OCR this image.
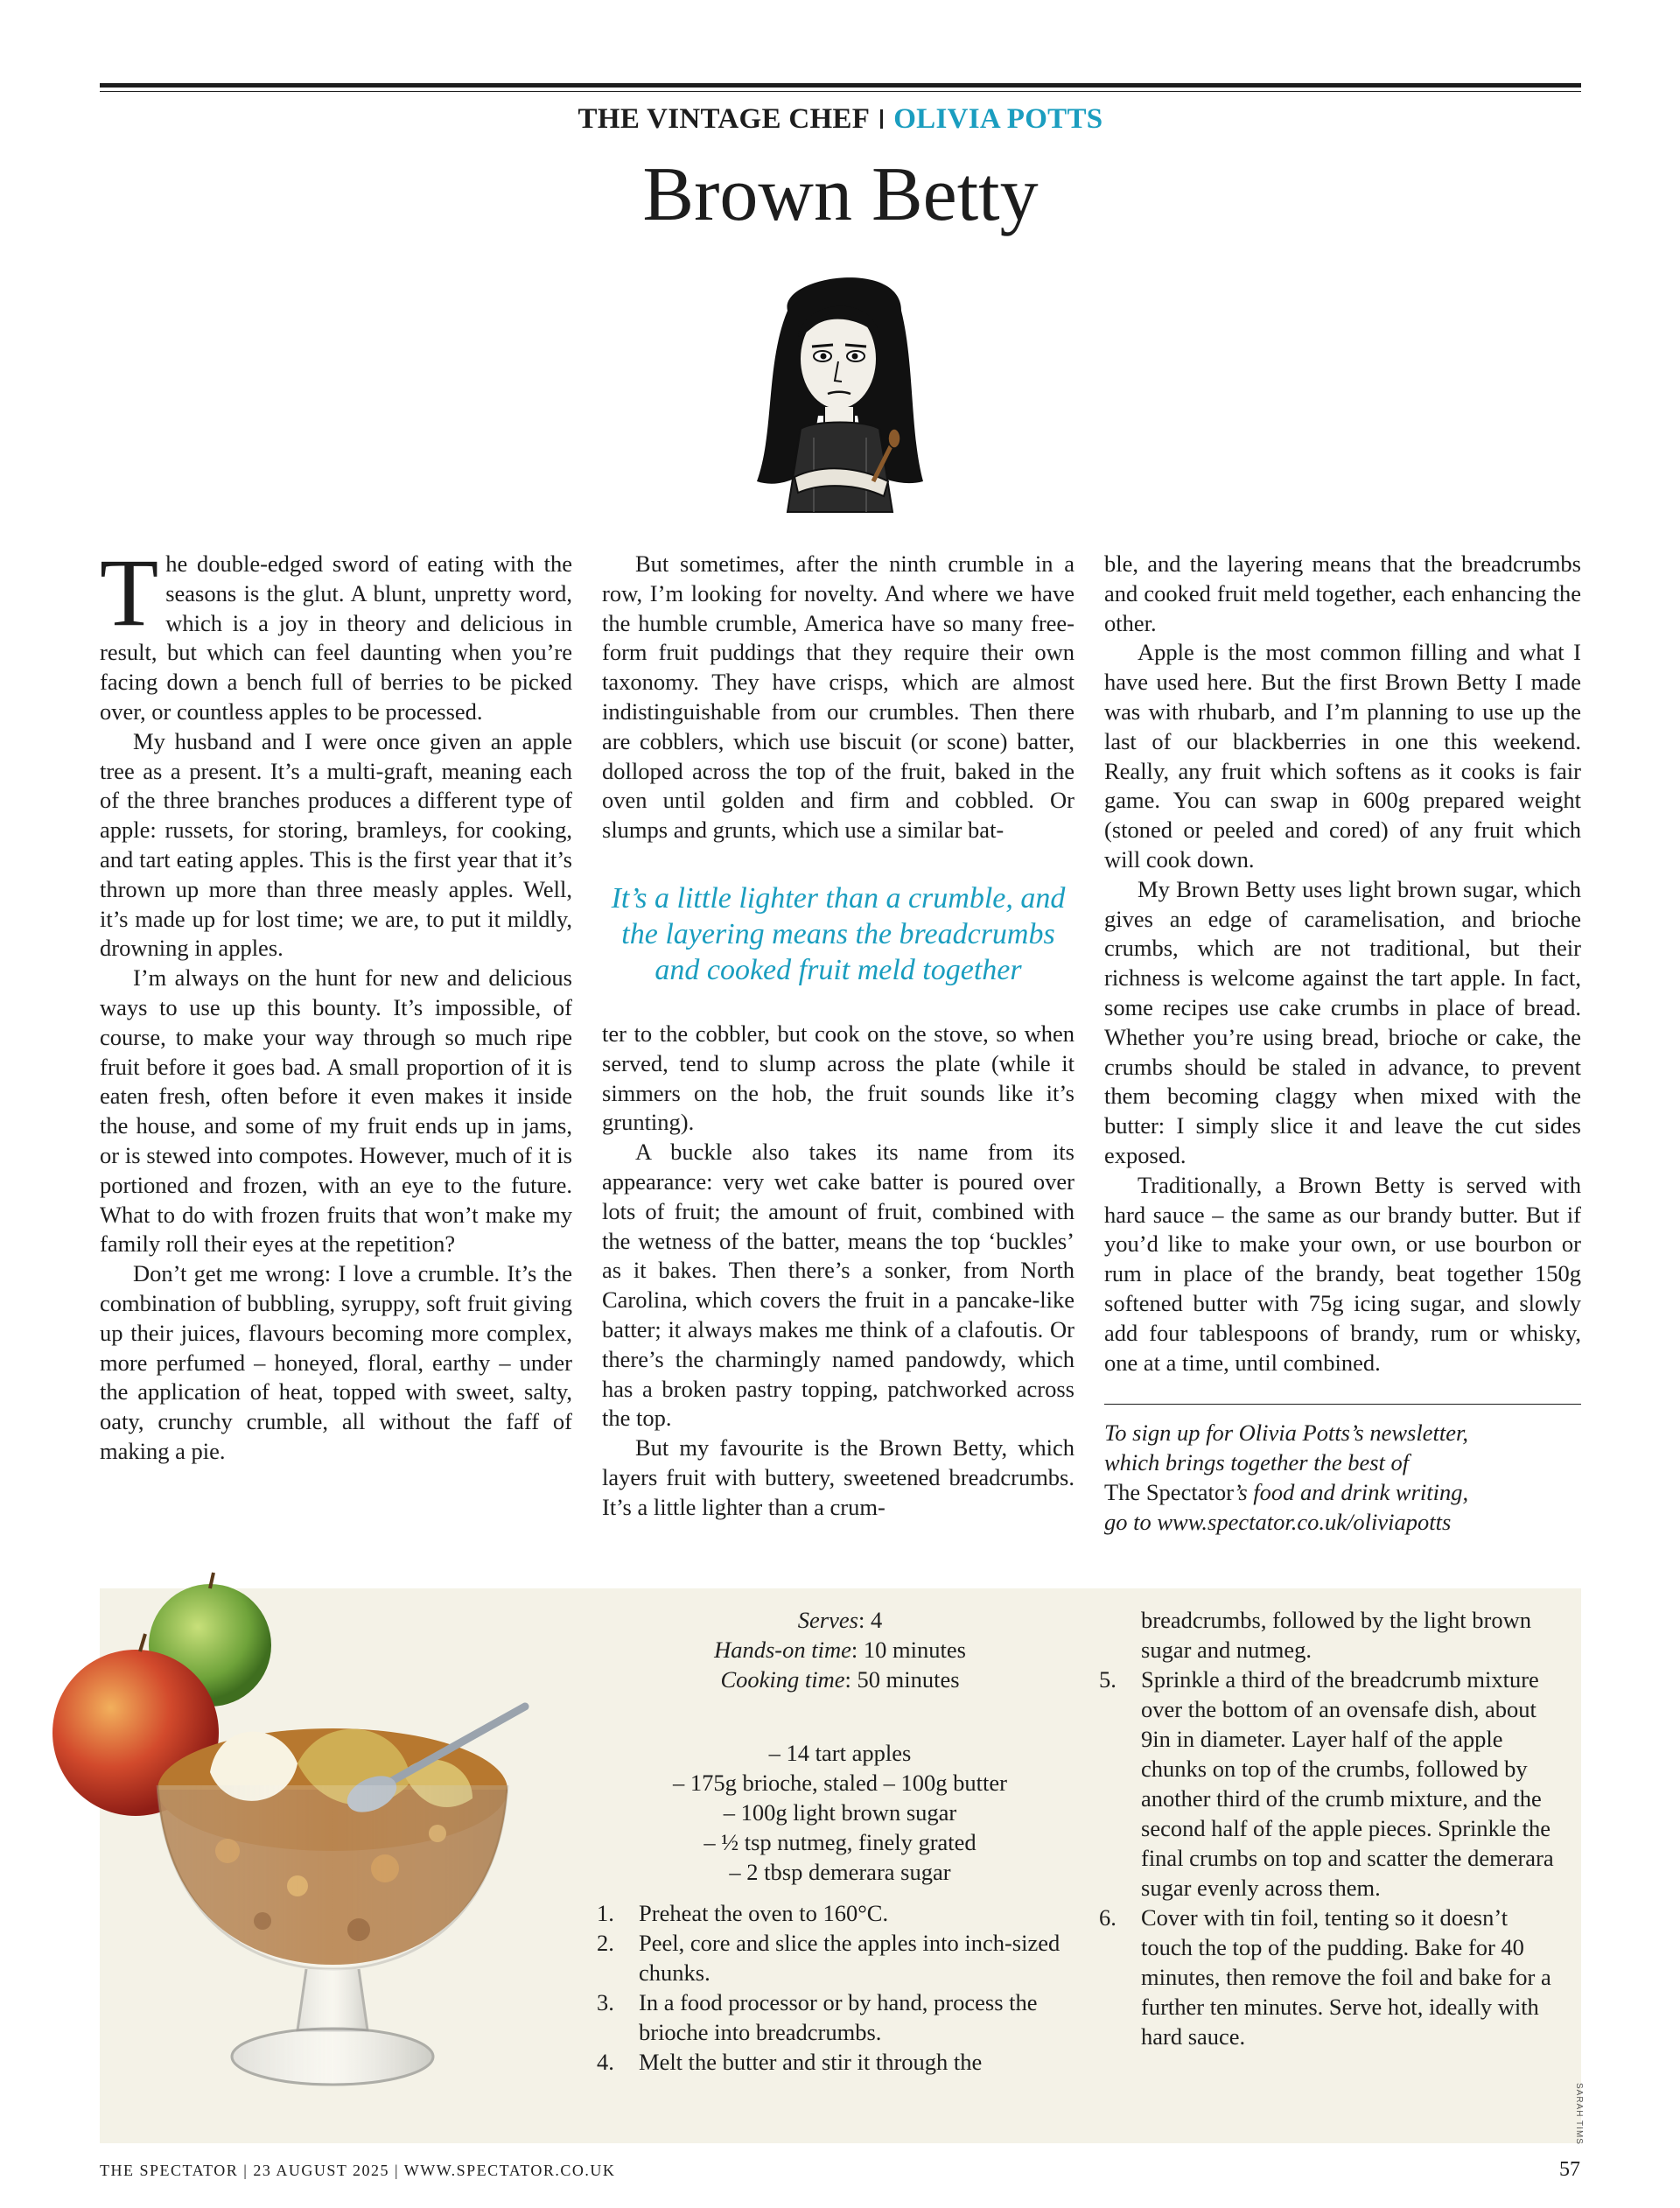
THE VINTAGE CHEF OLIVIA POTTS
Brown Betty

The double-edged sword of eating with the seasons is the glut. A blunt, unpretty word, which is a joy in theory and delicious in result, but which can feel daunting when you’re facing down a bench full of berries to be picked over, or countless apples to be processed.

My husband and I were once given an apple tree as a present. It’s a multi-graft, meaning each of the three branches produces a different type of apple: russets, for storing, bramleys, for cooking, and tart eating apples. This is the first year that it’s thrown up more than three measly apples. Well, it’s made up for lost time; we are, to put it mildly, drowning in apples.

I’m always on the hunt for new and delicious ways to use up this bounty. It’s impossible, of course, to make your way through so much ripe fruit before it goes bad. A small proportion of it is eaten fresh, often before it even makes it inside the house, and some of my fruit ends up in jams, or is stewed into compotes. However, much of it is portioned and frozen, with an eye to the future. What to do with frozen fruits that won’t make my family roll their eyes at the repetition?

Don’t get me wrong: I love a crumble. It’s the combination of bubbling, syruppy, soft fruit giving up their juices, flavours becoming more complex, more perfumed – honeyed, floral, earthy – under the application of heat, topped with sweet, salty, oaty, crunchy crumble, all without the faff of making a pie.

But sometimes, after the ninth crumble in a row, I’m looking for novelty. And where we have the humble crumble, America have so many free-form fruit puddings that they require their own taxonomy. They have crisps, which are almost indistinguishable from our crumbles. Then there are cobblers, which use biscuit (or scone) batter, dolloped across the top of the fruit, baked in the oven until golden and firm and cobbled. Or slumps and grunts, which use a similar bat-

It’s a little lighter than a crumble, and the layering means the breadcrumbs and cooked fruit meld together

ter to the cobbler, but cook on the stove, so when served, tend to slump across the plate (while it simmers on the hob, the fruit sounds like it’s grunting).

A buckle also takes its name from its appearance: very wet cake batter is poured over lots of fruit; the amount of fruit, combined with the wetness of the batter, means the top ‘buckles’ as it bakes. Then there’s a sonker, from North Carolina, which covers the fruit in a pancake-like batter; it always makes me think of a clafoutis. Or there’s the charmingly named pandowdy, which has a broken pastry topping, patchworked across the top.

But my favourite is the Brown Betty, which layers fruit with buttery, sweetened breadcrumbs. It’s a little lighter than a crum-

ble, and the layering means that the breadcrumbs and cooked fruit meld together, each enhancing the other.

Apple is the most common filling and what I have used here. But the first Brown Betty I made was with rhubarb, and I’m planning to use up the last of our blackberries in one this weekend. Really, any fruit which softens as it cooks is fair game. You can swap in 600g prepared weight (stoned or peeled and cored) of any fruit which will cook down.

My Brown Betty uses light brown sugar, which gives an edge of caramelisation, and brioche crumbs, which are not traditional, but their richness is welcome against the tart apple. In fact, some recipes use cake crumbs in place of bread. Whether you’re using bread, brioche or cake, the crumbs should be staled in advance, to prevent them becoming claggy when mixed with the butter: I simply slice it and leave the cut sides exposed.

Traditionally, a Brown Betty is served with hard sauce – the same as our brandy butter. But if you’d like to make your own, or use bourbon or rum in place of the brandy, beat together 150g softened butter with 75g icing sugar, and slowly add four tablespoons of brandy, rum or whisky, one at a time, until combined.

To sign up for Olivia Potts’s newsletter,
which brings together the best of
The Spectator’s food and drink writing,
go to www.spectator.co.uk/oliviapotts
Serves: 4
Hands-on time: 10 minutes
Cooking time: 50 minutes
– 14 tart apples
– 175g brioche, staled – 100g butter
– 100g light brown sugar
– ½ tsp nutmeg, finely grated
– 2 tbsp demerara sugar
1.	Preheat the oven to 160°C.
2.	Peel, core and slice the apples into inch-sized chunks.
3.	In a food processor or by hand, process the brioche into breadcrumbs.
4.	Melt the butter and stir it through the
breadcrumbs, followed by the light brown sugar and nutmeg.
5.	Sprinkle a third of the breadcrumb mixture over the bottom of an ovensafe dish, about 9in in diameter. Layer half of the apple chunks on top of the crumbs, followed by another third of the crumb mixture, and the second half of the apple pieces. Sprinkle the final crumbs on top and scatter the demerara sugar evenly across them.
6.	Cover with tin foil, tenting so it doesn’t touch the top of the pudding. Bake for 40 minutes, then remove the foil and bake for a further ten minutes. Serve hot, ideally with hard sauce.
SARAH TIMS
THE SPECTATOR | 23 AUGUST 2025 | WWW.SPECTATOR.CO.UK	57
